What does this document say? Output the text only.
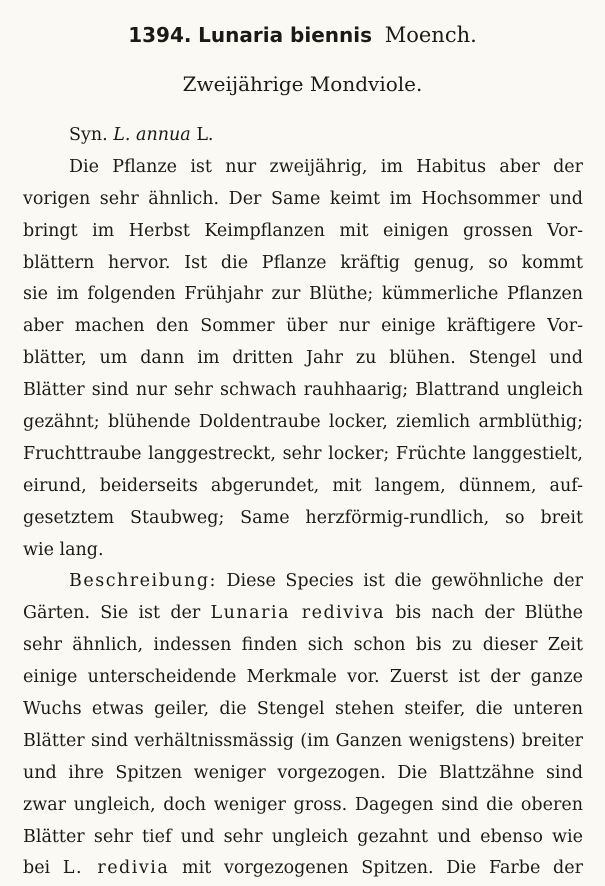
1394. Lunaria biennis Moench.
Zweijährige Mondviole.
Syn. L. annua L.
Die Pflanze ist nur zweijährig, im Habitus aber der
vorigen sehr ähnlich. Der Same keimt im Hochsommer und
bringt im Herbst Keimpflanzen mit einigen grossen Vor-
blättern hervor. Ist die Pflanze kräftig genug, so kommt
sie im folgenden Frühjahr zur Blüthe; kümmerliche Pflanzen
aber machen den Sommer über nur einige kräftigere Vor-
blätter, um dann im dritten Jahr zu blühen. Stengel und
Blätter sind nur sehr schwach rauhhaarig; Blattrand ungleich
gezähnt; blühende Doldentraube locker, ziemlich armblüthig;
Fruchttraube langgestreckt, sehr locker; Früchte langgestielt,
eirund, beiderseits abgerundet, mit langem, dünnem, auf-
gesetztem Staubweg; Same herzförmig-rundlich, so breit
wie lang.
Beschreibung: Diese Species ist die gewöhnliche der
Gärten. Sie ist der Lunaria rediviva bis nach der Blüthe
sehr ähnlich, indessen finden sich schon bis zu dieser Zeit
einige unterscheidende Merkmale vor. Zuerst ist der ganze
Wuchs etwas geiler, die Stengel stehen steifer, die unteren
Blätter sind verhältnissmässig (im Ganzen wenigstens) breiter
und ihre Spitzen weniger vorgezogen. Die Blattzähne sind
zwar ungleich, doch weniger gross. Dagegen sind die oberen
Blätter sehr tief und sehr ungleich gezahnt und ebenso wie
bei L. redivia mit vorgezogenen Spitzen. Die Farbe der
